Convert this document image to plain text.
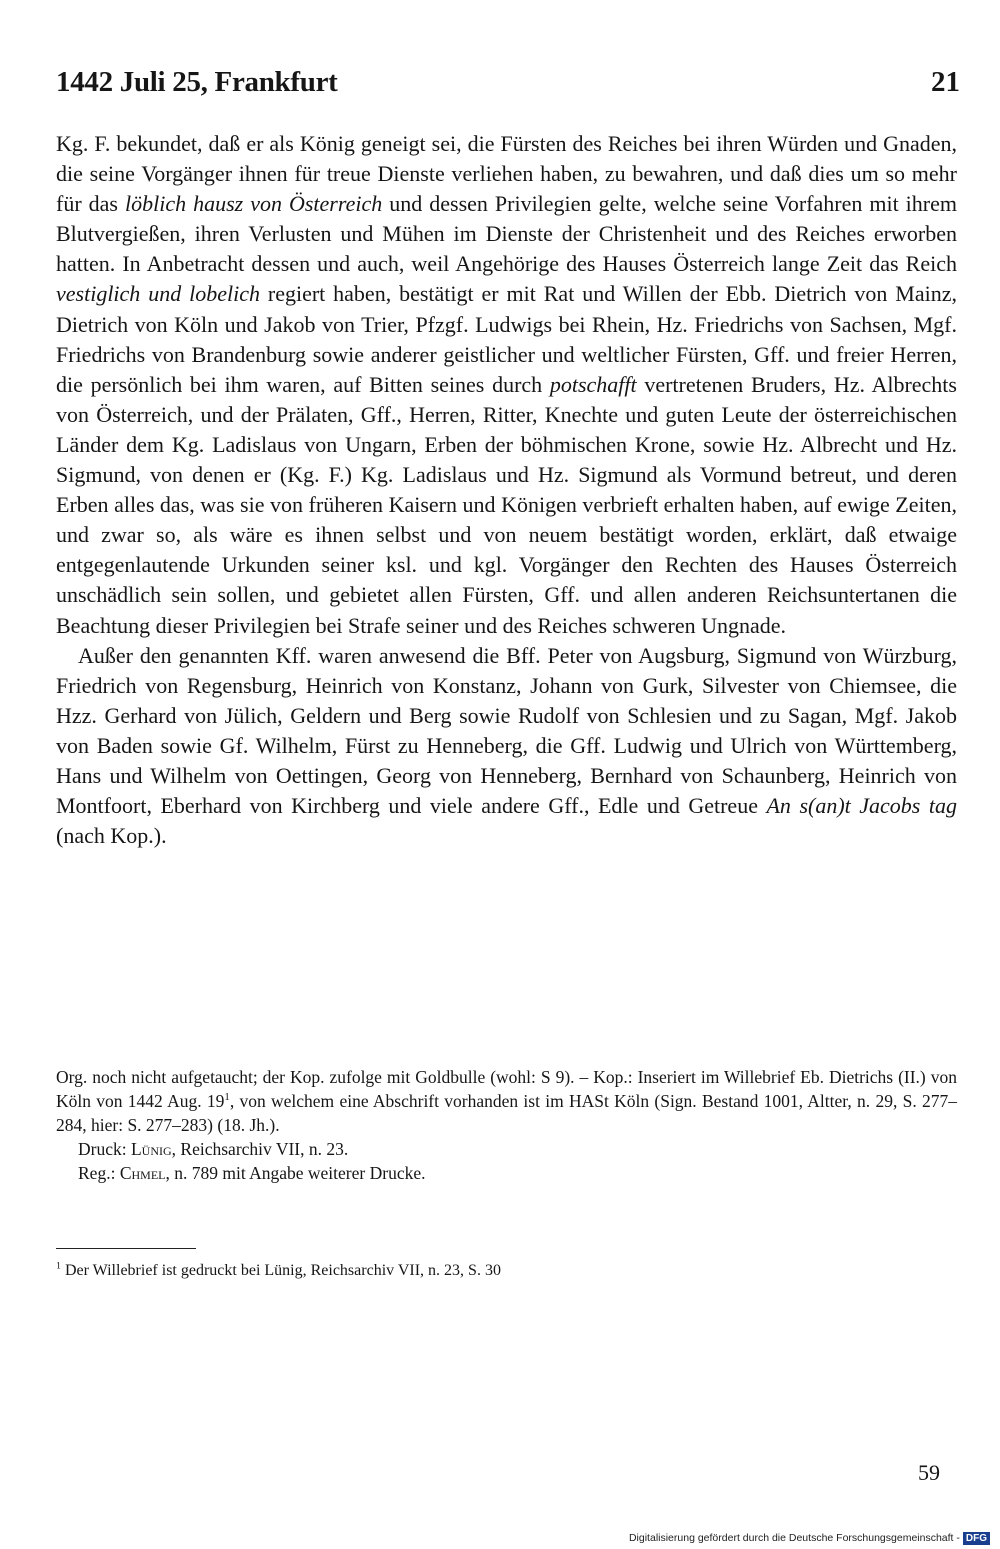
1442 Juli 25, Frankfurt	21

Kg. F. bekundet, daß er als König geneigt sei, die Fürsten des Reiches bei ihren Würden und Gnaden, die seine Vorgänger ihnen für treue Dienste verliehen haben, zu bewahren, und daß dies um so mehr für das löblich hausz von Österreich und dessen Privilegien gelte, welche seine Vorfahren mit ihrem Blutvergießen, ihren Verlusten und Mühen im Dienste der Christenheit und des Reiches erworben hatten. In Anbetracht dessen und auch, weil Angehörige des Hauses Österreich lange Zeit das Reich vestiglich und lobelich regiert haben, bestätigt er mit Rat und Willen der Ebb. Dietrich von Mainz, Dietrich von Köln und Jakob von Trier, Pfzgf. Ludwigs bei Rhein, Hz. Friedrichs von Sachsen, Mgf. Friedrichs von Brandenburg sowie anderer geistlicher und weltlicher Fürsten, Gff. und freier Herren, die persönlich bei ihm waren, auf Bitten seines durch potschafft vertretenen Bruders, Hz. Albrechts von Österreich, und der Prälaten, Gff., Herren, Ritter, Knechte und guten Leute der österreichischen Länder dem Kg. Ladislaus von Ungarn, Erben der böhmischen Krone, sowie Hz. Albrecht und Hz. Sigmund, von denen er (Kg. F.) Kg. Ladislaus und Hz. Sigmund als Vormund betreut, und deren Erben alles das, was sie von früheren Kaisern und Königen verbrieft erhalten haben, auf ewige Zeiten, und zwar so, als wäre es ihnen selbst und von neuem bestätigt worden, erklärt, daß etwaige entgegenlautende Urkunden seiner ksl. und kgl. Vorgänger den Rechten des Hauses Österreich unschädlich sein sollen, und gebietet allen Fürsten, Gff. und allen anderen Reichsuntertanen die Beachtung dieser Privilegien bei Strafe seiner und des Reiches schweren Ungnade.

Außer den genannten Kff. waren anwesend die Bff. Peter von Augsburg, Sigmund von Würzburg, Friedrich von Regensburg, Heinrich von Konstanz, Johann von Gurk, Silvester von Chiemsee, die Hzz. Gerhard von Jülich, Geldern und Berg sowie Rudolf von Schlesien und zu Sagan, Mgf. Jakob von Baden sowie Gf. Wilhelm, Fürst zu Henneberg, die Gff. Ludwig und Ulrich von Württemberg, Hans und Wilhelm von Oettingen, Georg von Henneberg, Bernhard von Schaunberg, Heinrich von Montfoort, Eberhard von Kirchberg und viele andere Gff., Edle und Getreue An s(an)t Jacobs tag (nach Kop.).

Org. noch nicht aufgetaucht; der Kop. zufolge mit Goldbulle (wohl: S 9). – Kop.: Inseriert im Willebrief Eb. Dietrichs (II.) von Köln von 1442 Aug. $19^1$, von welchem eine Abschrift vorhanden ist im HASt Köln (Sign. Bestand 1001, Altter, n. 29, S. 277–284, hier: S. 277–283) (18. Jh.).

Druck: Lünig, Reichsarchiv VII, n. 23.

Reg.: Chmel, n. 789 mit Angabe weiterer Drucke.

$^1$ Der Willebrief ist gedruckt bei Lünig, Reichsarchiv VII, n. 23, S. 30
59
Digitalisierung gefördert durch die Deutsche Forschungsgemeinschaft - DFG
